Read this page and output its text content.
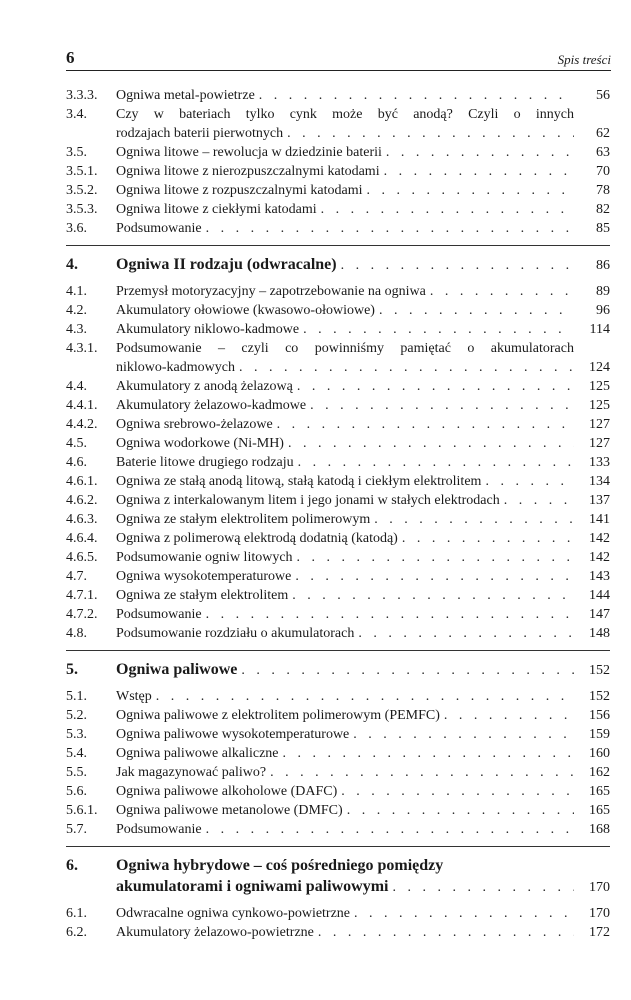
6	Spis treści
3.3.3. Ogniwa metal-powietrze . . .	56
3.4. Czy w bateriach tylko cynk może być anodą? Czyli o innych
rodzajach baterii pierwotnych . . .	62
3.5. Ogniwa litowe – rewolucja w dziedzinie baterii . . .	63
3.5.1. Ogniwa litowe z nierozpuszczalnymi katodami . . .	70
3.5.2. Ogniwa litowe z rozpuszczalnymi katodami . . .	78
3.5.3. Ogniwa litowe z ciekłymi katodami . . .	82
3.6. Podsumowanie . . .	85
4. Ogniwa II rodzaju (odwracalne) . . .	86
4.1. Przemysł motoryzacyjny – zapotrzebowanie na ogniwa . . .	89
4.2. Akumulatory ołowiowe (kwasowo-ołowiowe) . . .	96
4.3. Akumulatory niklowo-kadmowe . . .	114
4.3.1. Podsumowanie – czyli co powinniśmy pamiętać o akumulatorach
niklowo-kadmowych . . .	124
4.4. Akumulatory z anodą żelazową . . .	125
4.4.1. Akumulatory żelazowo-kadmowe . . .	125
4.4.2. Ogniwa srebrowo-żelazowe . . .	127
4.5. Ogniwa wodorkowe (Ni-MH) . . .	127
4.6. Baterie litowe drugiego rodzaju . . .	133
4.6.1. Ogniwa ze stałą anodą litową, stałą katodą i ciekłym elektrolitem . . .	134
4.6.2. Ogniwa z interkalowanym litem i jego jonami w stałych elektrodach . . .	137
4.6.3. Ogniwa ze stałym elektrolitem polimerowym . . .	141
4.6.4. Ogniwa z polimerową elektrodą dodatnią (katodą) . . .	142
4.6.5. Podsumowanie ogniw litowych . . .	142
4.7. Ogniwa wysokotemperaturowe . . .	143
4.7.1. Ogniwa ze stałym elektrolitem . . .	144
4.7.2. Podsumowanie . . .	147
4.8. Podsumowanie rozdziału o akumulatorach . . .	148
5. Ogniwa paliwowe . . .	152
5.1. Wstęp . . .	152
5.2. Ogniwa paliwowe z elektrolitem polimerowym (PEMFC) . . .	156
5.3. Ogniwa paliwowe wysokotemperaturowe . . .	159
5.4. Ogniwa paliwowe alkaliczne . . .	160
5.5. Jak magazynować paliwo? . . .	162
5.6. Ogniwa paliwowe alkoholowe (DAFC) . . .	165
5.6.1. Ogniwa paliwowe metanolowe (DMFC) . . .	165
5.7. Podsumowanie . . .	168
6. Ogniwa hybrydowe – coś pośredniego pomiędzy
akumulatorami i ogniwami paliwowymi . . .	170
6.1. Odwracalne ogniwa cynkowo-powietrzne . . .	170
6.2. Akumulatory żelazowo-powietrzne . . .	172
